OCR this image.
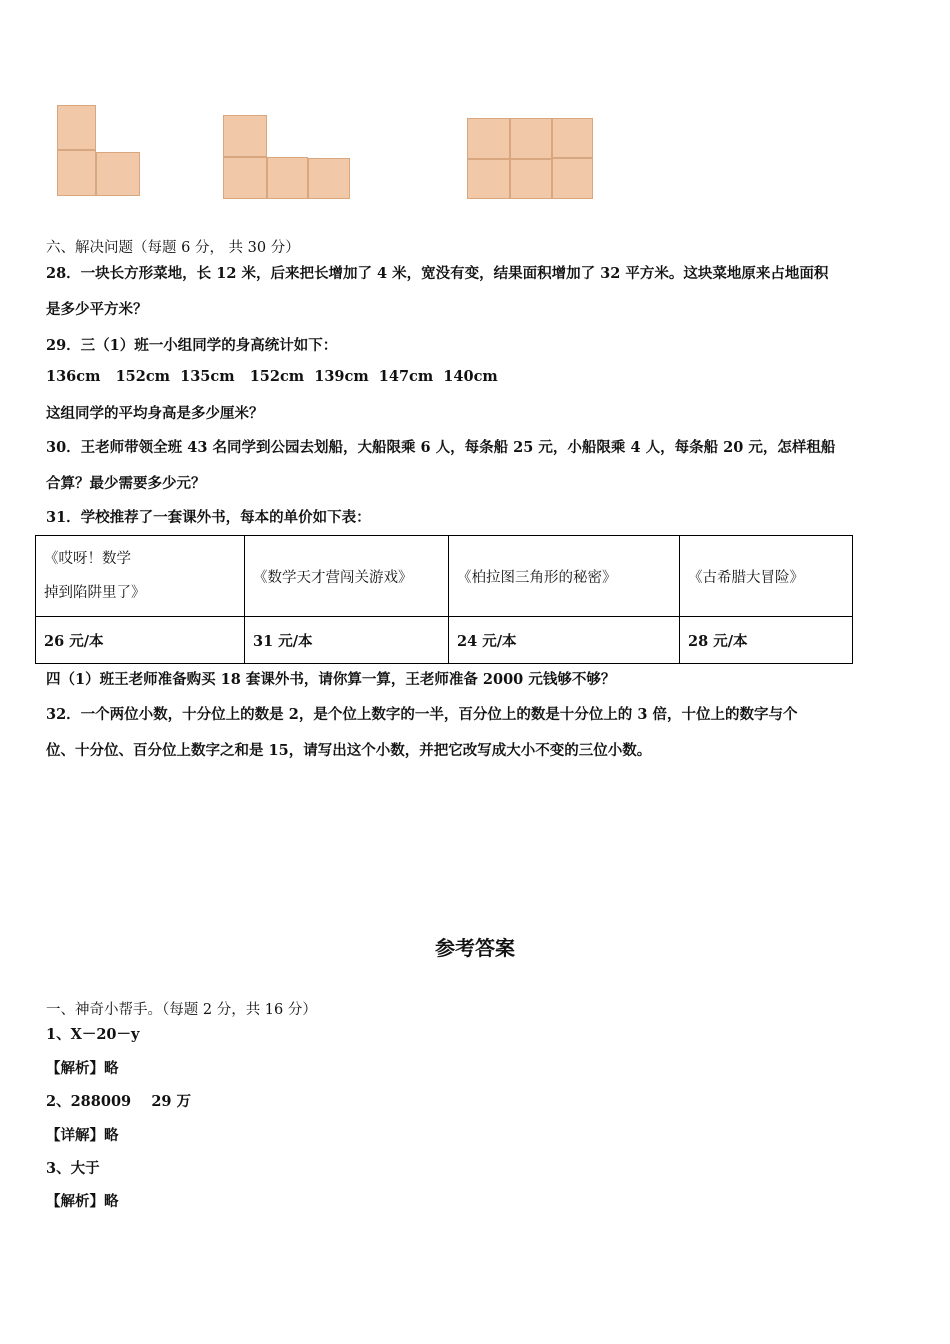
六、解决问题（每题 6 分， 共 30 分）
28．一块长方形菜地，长 12 米，后来把长增加了 4 米，宽没有变，结果面积增加了 32 平方米。这块菜地原来占地面积
是多少平方米？
29．三（1）班一小组同学的身高统计如下：
136cm   152cm  135cm   152cm  139cm  147cm  140cm
这组同学的平均身高是多少厘米？
30．王老师带领全班 43 名同学到公园去划船，大船限乘 6 人，每条船 25 元，小船限乘 4 人，每条船 20 元，怎样租船
合算？最少需要多少元？
31．学校推荐了一套课外书，每本的单价如下表：
《哎呀！数学
掉到陷阱里了》	《数学天才营闯关游戏》	《柏拉图三角形的秘密》	《古希腊大冒险》
26 元/本	31 元/本	24 元/本	28 元/本
四（1）班王老师准备购买 18 套课外书，请你算一算，王老师准备 2000 元钱够不够？
32．一个两位小数，十分位上的数是 2，是个位上数字的一半，百分位上的数是十分位上的 3 倍，十位上的数字与个
位、十分位、百分位上数字之和是 15，请写出这个小数，并把它改写成大小不变的三位小数。
参考答案
一、神奇小帮手。（每题 2 分，共 16 分）
1、X－20－y
【解析】略
2、288009    29 万
【详解】略
3、大于
【解析】略
